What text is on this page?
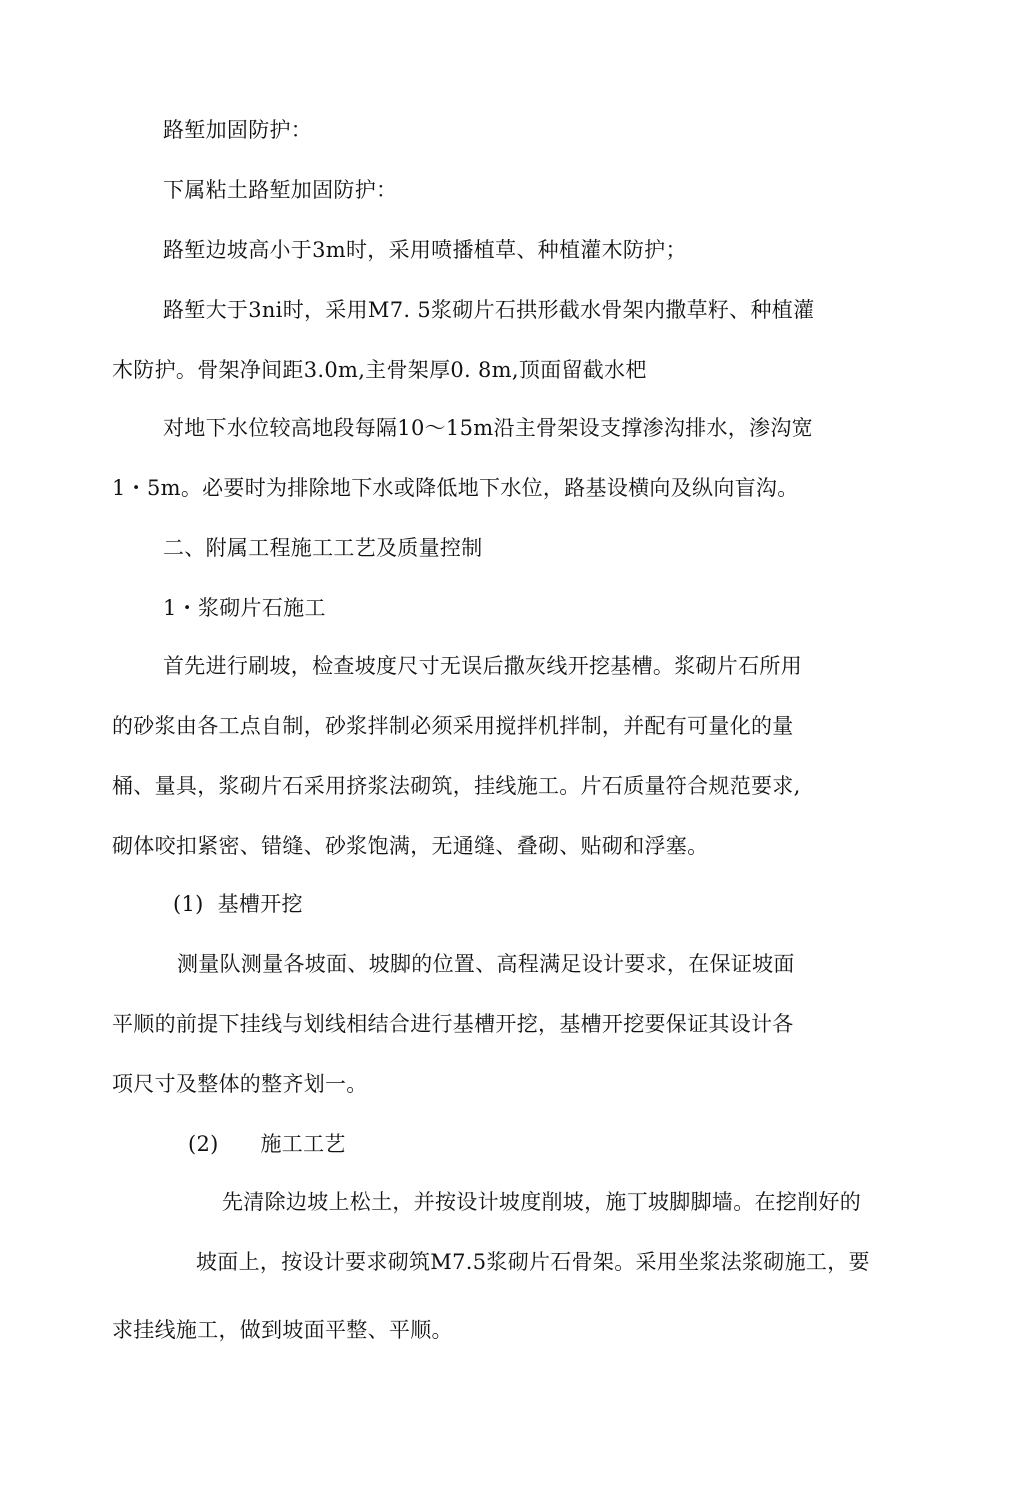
路堑加固防护：
下属粘土路堑加固防护：
路堑边坡高小于3m时，采用喷播植草、种植灌木防护；
路堑大于3ni时，采用M7. 5浆砌片石拱形截水骨架内撒草籽、种植灌
木防护。骨架净间距3.0m,主骨架厚0. 8m,顶面留截水杷
对地下水位较高地段每隔10～15m沿主骨架设支撑渗沟排水，渗沟宽
1・5m。必要时为排除地下水或降低地下水位，路基设横向及纵向盲沟。
二、附属工程施工工艺及质量控制
1・浆砌片石施工
首先进行刷坡，检查坡度尺寸无误后撒灰线开挖基槽。浆砌片石所用
的砂浆由各工点自制，砂浆拌制必须采用搅拌机拌制，并配有可量化的量
桶、量具，浆砌片石采用挤浆法砌筑，挂线施工。片石质量符合规范要求,
砌体咬扣紧密、错缝、砂浆饱满，无通缝、叠砌、贴砌和浮塞。
(1)  基槽开挖
测量队测量各坡面、坡脚的位置、高程满足设计要求，在保证坡面
平顺的前提下挂线与划线相结合进行基槽开挖，基槽开挖要保证其设计各
项尺寸及整体的整齐划一。
(2)      施工工艺
先清除边坡上松土，并按设计坡度削坡，施丁坡脚脚墙。在挖削好的
坡面上，按设计要求砌筑M7.5浆砌片石骨架。采用坐浆法浆砌施工，要
求挂线施工，做到坡面平整、平顺。
